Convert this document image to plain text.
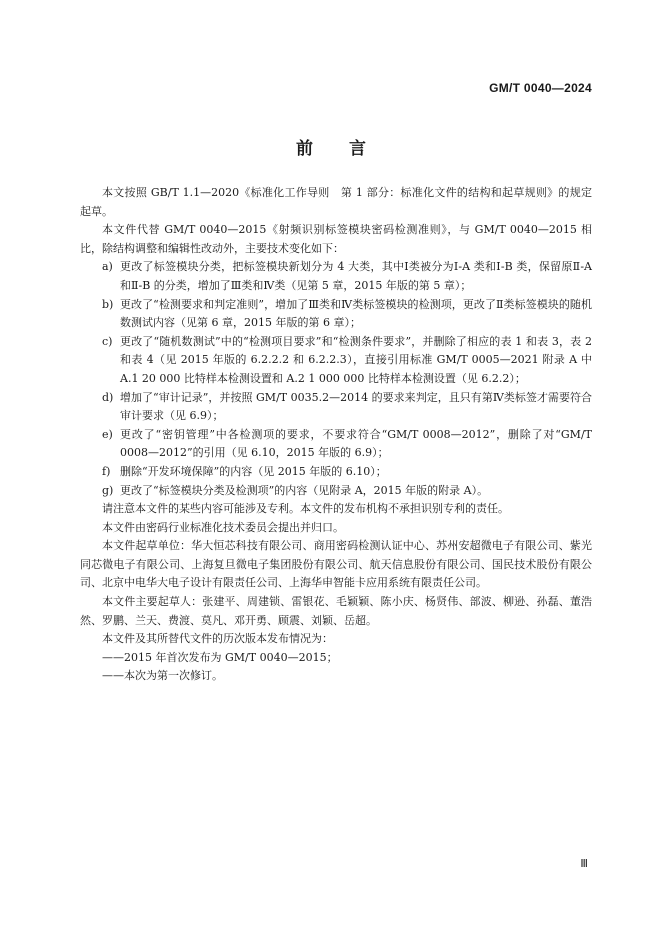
GM/T 0040—2024
前言

本文按照 GB/T 1.1—2020《标准化工作导则　第 1 部分：标准化文件的结构和起草规则》的规定起草。

本文件代替 GM/T 0040—2015《射频识别标签模块密码检测准则》，与 GM/T 0040—2015 相比，除结构调整和编辑性改动外，主要技术变化如下：

a) 更改了标签模块分类，把标签模块新划分为 4 大类，其中Ⅰ类被分为Ⅰ-A 类和Ⅰ-B 类，保留原Ⅱ-A 和Ⅱ-B 的分类，增加了Ⅲ类和Ⅳ类（见第 5 章，2015 年版的第 5 章）；
b) 更改了“检测要求和判定准则”，增加了Ⅲ类和Ⅳ类标签模块的检测项，更改了Ⅱ类标签模块的随机数测试内容（见第 6 章，2015 年版的第 6 章）；
c) 更改了“随机数测试”中的“检测项目要求”和“检测条件要求”，并删除了相应的表 1 和表 3，表 2 和表 4（见 2015 年版的 6.2.2.2 和 6.2.2.3），直接引用标准 GM/T 0005—2021 附录 A 中 A.1 20 000 比特样本检测设置和 A.2 1 000 000 比特样本检测设置（见 6.2.2）；
d) 增加了“审计记录”，并按照 GM/T 0035.2—2014 的要求来判定，且只有第Ⅳ类标签才需要符合审计要求（见 6.9）；
e) 更改了“密钥管理”中各检测项的要求，不要求符合“GM/T 0008—2012”，删除了对“GM/T 0008—2012”的引用（见 6.10，2015 年版的 6.9）；
f) 删除“开发环境保障”的内容（见 2015 年版的 6.10）；
g) 更改了“标签模块分类及检测项”的内容（见附录 A，2015 年版的附录 A）。

请注意本文件的某些内容可能涉及专利。本文件的发布机构不承担识别专利的责任。

本文件由密码行业标准化技术委员会提出并归口。

本文件起草单位：华大恒芯科技有限公司、商用密码检测认证中心、苏州安超微电子有限公司、紫光同芯微电子有限公司、上海复旦微电子集团股份有限公司、航天信息股份有限公司、国民技术股份有限公司、北京中电华大电子设计有限责任公司、上海华申智能卡应用系统有限责任公司。

本文件主要起草人：张建平、周建锁、雷银花、毛颖颖、陈小庆、杨贤伟、部波、柳逊、孙磊、董浩然、罗鹏、兰天、费渡、莫凡、邓开勇、顾震、刘颖、岳超。

本文件及其所替代文件的历次版本发布情况为：

——2015 年首次发布为 GM/T 0040—2015；

——本次为第一次修订。

Ⅲ
